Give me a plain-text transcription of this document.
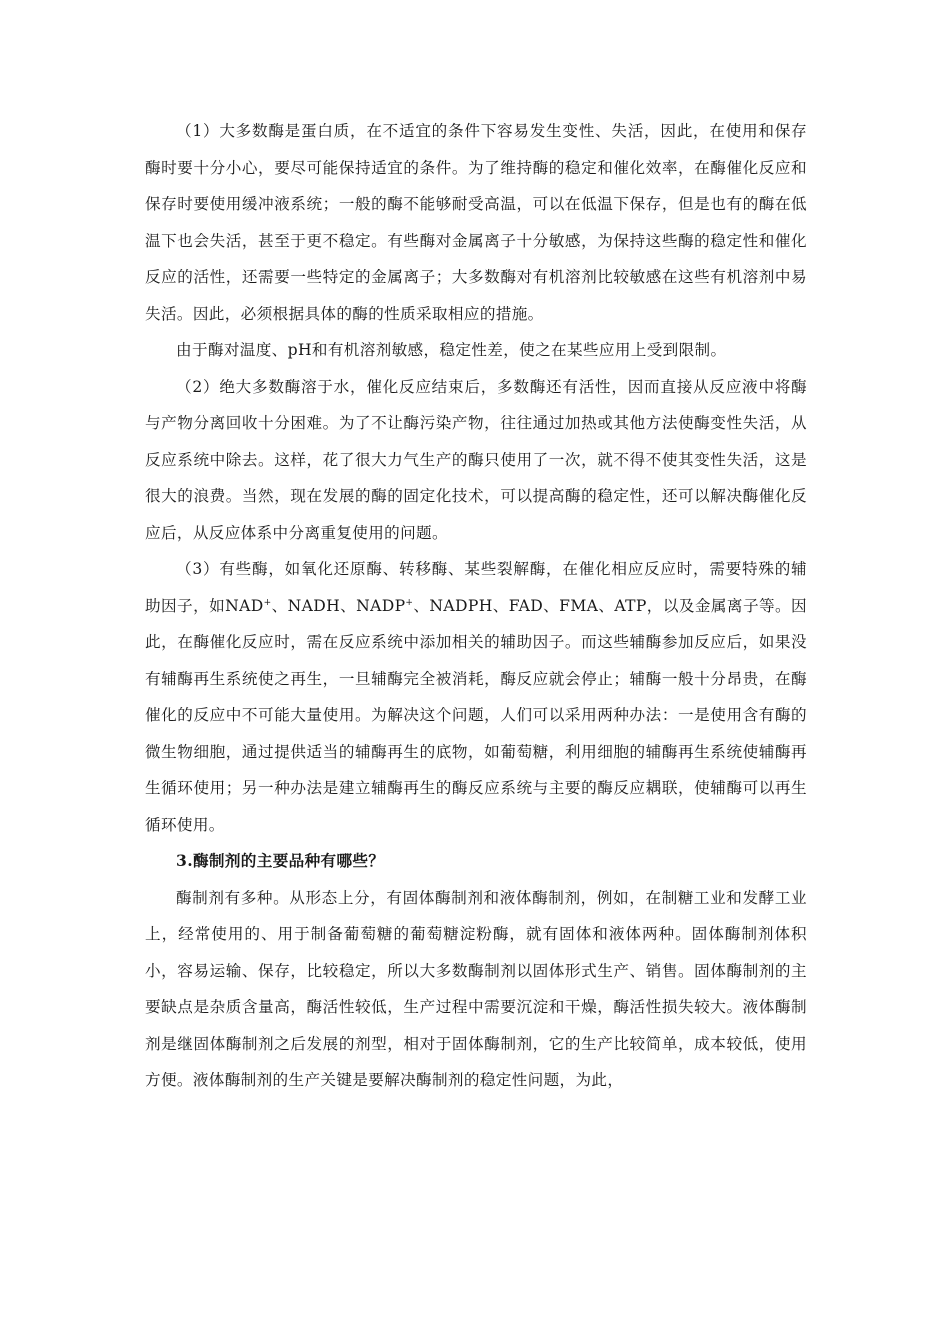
（1）大多数酶是蛋白质，在不适宜的条件下容易发生变性、失活，因此，在使用和保存酶时要十分小心，要尽可能保持适宜的条件。为了维持酶的稳定和催化效率，在酶催化反应和保存时要使用缓冲液系统；一般的酶不能够耐受高温，可以在低温下保存，但是也有的酶在低温下也会失活，甚至于更不稳定。有些酶对金属离子十分敏感，为保持这些酶的稳定性和催化反应的活性，还需要一些特定的金属离子；大多数酶对有机溶剂比较敏感在这些有机溶剂中易失活。因此，必须根据具体的酶的性质采取相应的措施。

由于酶对温度、pH和有机溶剂敏感，稳定性差，使之在某些应用上受到限制。

（2）绝大多数酶溶于水，催化反应结束后，多数酶还有活性，因而直接从反应液中将酶与产物分离回收十分困难。为了不让酶污染产物，往往通过加热或其他方法使酶变性失活，从反应系统中除去。这样，花了很大力气生产的酶只使用了一次，就不得不使其变性失活，这是很大的浪费。当然，现在发展的酶的固定化技术，可以提高酶的稳定性，还可以解决酶催化反应后，从反应体系中分离重复使用的问题。

（3）有些酶，如氧化还原酶、转移酶、某些裂解酶，在催化相应反应时，需要特殊的辅助因子，如NAD+、NADH、NADP+、NADPH、FAD、FMA、ATP，以及金属离子等。因此，在酶催化反应时，需在反应系统中添加相关的辅助因子。而这些辅酶参加反应后，如果没有辅酶再生系统使之再生，一旦辅酶完全被消耗，酶反应就会停止；辅酶一般十分昂贵，在酶催化的反应中不可能大量使用。为解决这个问题，人们可以采用两种办法：一是使用含有酶的微生物细胞，通过提供适当的辅酶再生的底物，如葡萄糖，利用细胞的辅酶再生系统使辅酶再生循环使用；另一种办法是建立辅酶再生的酶反应系统与主要的酶反应耦联，使辅酶可以再生循环使用。

3.酶制剂的主要品种有哪些？

酶制剂有多种。从形态上分，有固体酶制剂和液体酶制剂，例如，在制糖工业和发酵工业上，经常使用的、用于制备葡萄糖的葡萄糖淀粉酶，就有固体和液体两种。固体酶制剂体积小，容易运输、保存，比较稳定，所以大多数酶制剂以固体形式生产、销售。固体酶制剂的主要缺点是杂质含量高，酶活性较低，生产过程中需要沉淀和干燥，酶活性损失较大。液体酶制剂是继固体酶制剂之后发展的剂型，相对于固体酶制剂，它的生产比较简单，成本较低，使用方便。液体酶制剂的生产关键是要解决酶制剂的稳定性问题，为此，
